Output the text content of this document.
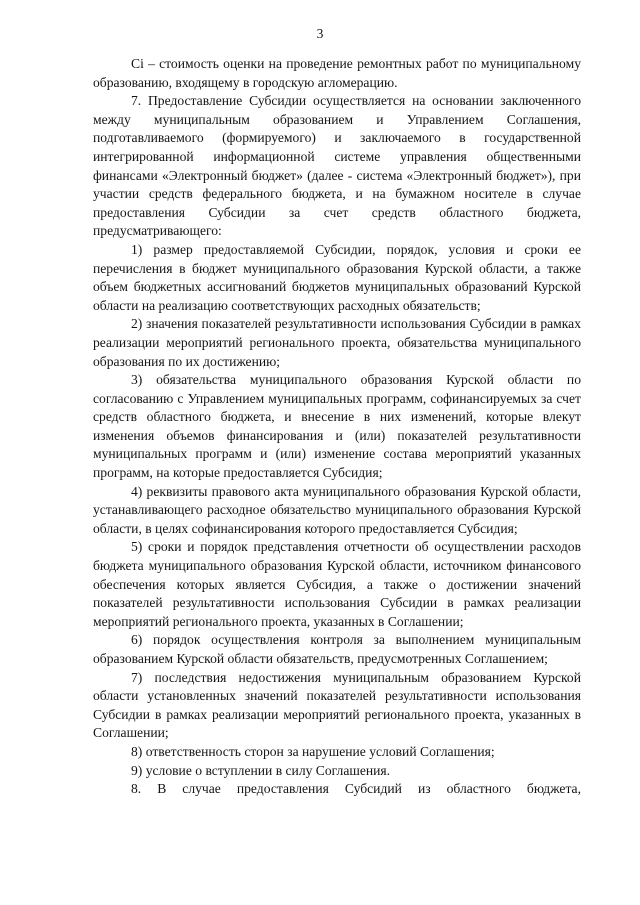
3

Ci – стоимость оценки на проведение ремонтных работ по муниципальному образованию, входящему в городскую агломерацию.

7. Предоставление Субсидии осуществляется на основании заключенного между муниципальным образованием и Управлением Соглашения, подготавливаемого (формируемого) и заключаемого в государственной интегрированной информационной системе управления общественными финансами «Электронный бюджет» (далее - система «Электронный бюджет»), при участии средств федерального бюджета, и на бумажном носителе в случае предоставления Субсидии за счет средств областного бюджета, предусматривающего:

1) размер предоставляемой Субсидии, порядок, условия и сроки ее перечисления в бюджет муниципального образования Курской области, а также объем бюджетных ассигнований бюджетов муниципальных образований Курской области на реализацию соответствующих расходных обязательств;

2) значения показателей результативности использования Субсидии в рамках реализации мероприятий регионального проекта, обязательства муниципального образования по их достижению;

3) обязательства муниципального образования Курской области по согласованию с Управлением муниципальных программ, софинансируемых за счет средств областного бюджета, и внесение в них изменений, которые влекут изменения объемов финансирования и (или) показателей результативности муниципальных программ и (или) изменение состава мероприятий указанных программ, на которые предоставляется Субсидия;

4) реквизиты правового акта муниципального образования Курской области, устанавливающего расходное обязательство муниципального образования Курской области, в целях софинансирования которого предоставляется Субсидия;

5) сроки и порядок представления отчетности об осуществлении расходов бюджета муниципального образования Курской области, источником финансового обеспечения которых является Субсидия, а также о достижении значений показателей результативности использования Субсидии в рамках реализации мероприятий регионального проекта, указанных в Соглашении;

6) порядок осуществления контроля за выполнением муниципальным образованием Курской области обязательств, предусмотренных Соглашением;

7) последствия недостижения муниципальным образованием Курской области установленных значений показателей результативности использования Субсидии в рамках реализации мероприятий регионального проекта, указанных в Соглашении;

8) ответственность сторон за нарушение условий Соглашения;

9) условие о вступлении в силу Соглашения.

8. В случае предоставления Субсидий из областного бюджета,
